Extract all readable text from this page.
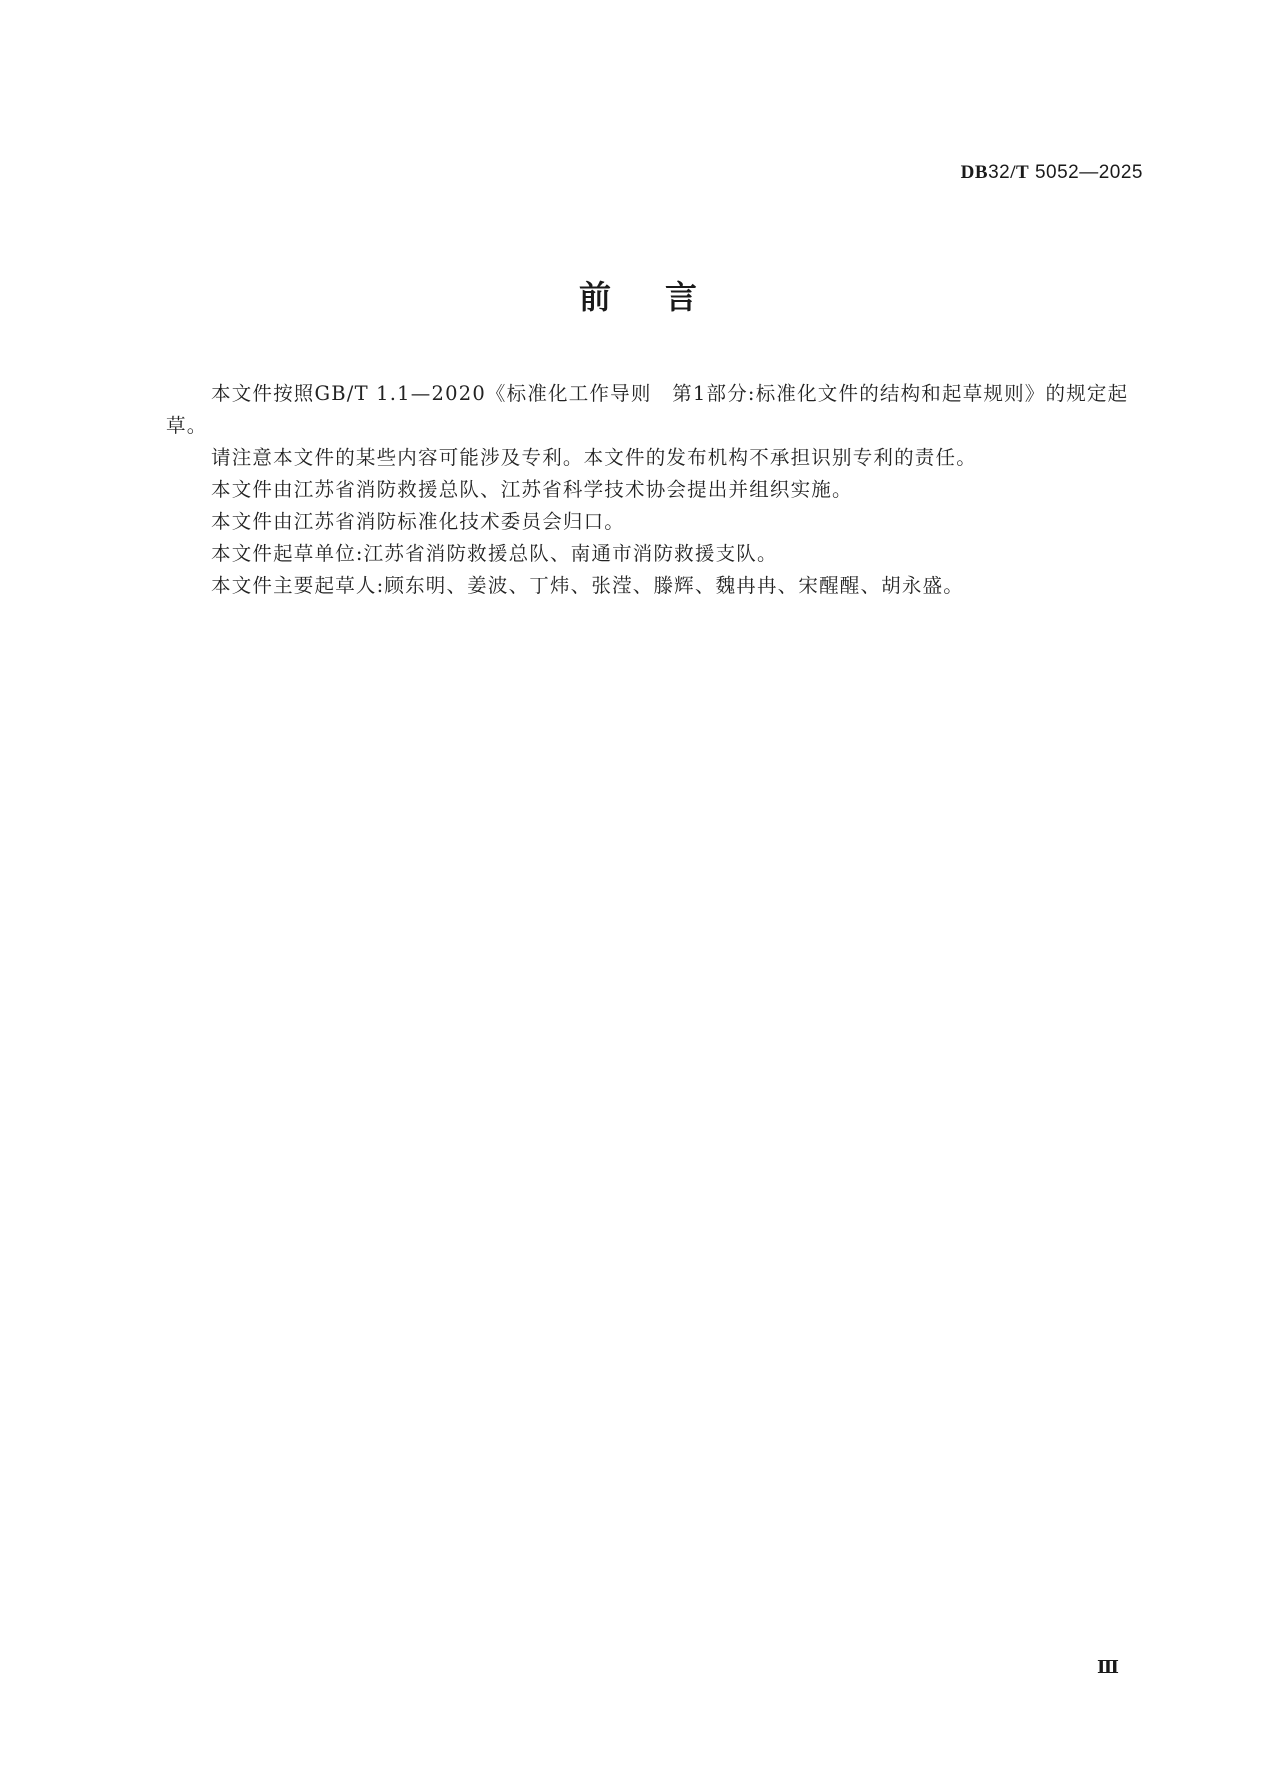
DB32/T 5052—2025
前言

本文件按照GB/T 1.1—2020《标准化工作导则　第1部分:标准化文件的结构和起草规则》的规定起草。

请注意本文件的某些内容可能涉及专利。本文件的发布机构不承担识别专利的责任。

本文件由江苏省消防救援总队、江苏省科学技术协会提出并组织实施。

本文件由江苏省消防标准化技术委员会归口。

本文件起草单位:江苏省消防救援总队、南通市消防救援支队。

本文件主要起草人:顾东明、姜波、丁炜、张滢、滕辉、魏冉冉、宋醒醒、胡永盛。

Ⅲ
